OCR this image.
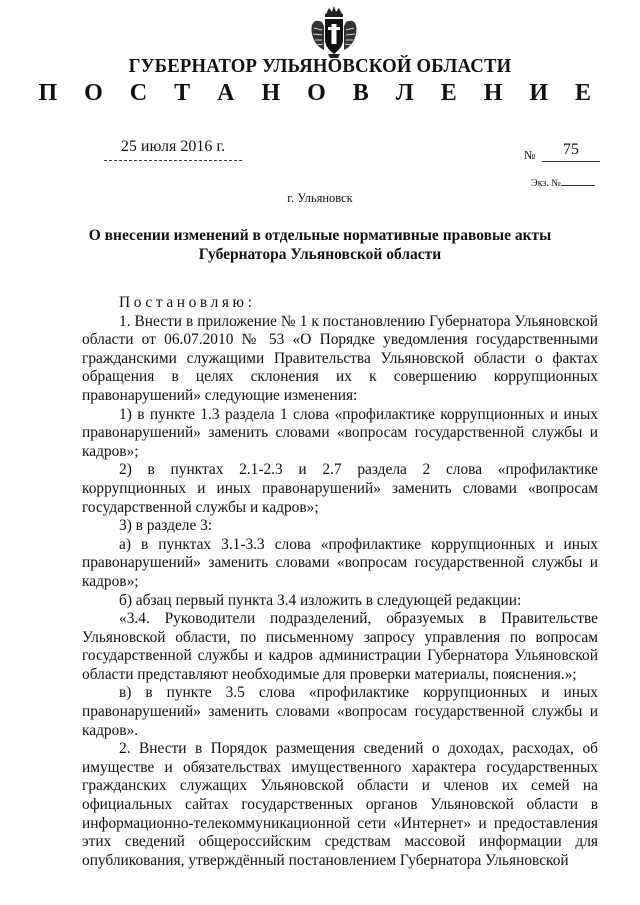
ГУБЕРНАТОР УЛЬЯНОВСКОЙ ОБЛАСТИ
П О С Т А Н О В Л Е Н И Е
25 июля 2016 г.	№	75
Экз. №
г. Ульяновск
О внесении изменений в отдельные нормативные правовые акты
Губернатора Ульяновской области

Постановляю:

1. Внести в приложение № 1 к постановлению Губернатора Ульяновской области от 06.07.2010 № 53 «О Порядке уведомления государственными гражданскими служащими Правительства Ульяновской области о фактах обращения в целях склонения их к совершению коррупционных правонарушений» следующие изменения:

1) в пункте 1.3 раздела 1 слова «профилактике коррупционных и иных правонарушений» заменить словами «вопросам государственной службы и кадров»;

2) в пунктах 2.1-2.3 и 2.7 раздела 2 слова «профилактике коррупционных и иных правонарушений» заменить словами «вопросам государственной службы и кадров»;

3) в разделе 3:

а) в пунктах 3.1-3.3 слова «профилактике коррупционных и иных правонарушений» заменить словами «вопросам государственной службы и кадров»;

б) абзац первый пункта 3.4 изложить в следующей редакции:

«3.4. Руководители подразделений, образуемых в Правительстве Ульяновской области, по письменному запросу управления по вопросам государственной службы и кадров администрации Губернатора Ульяновской области представляют необходимые для проверки материалы, пояснения.»;

в) в пункте 3.5 слова «профилактике коррупционных и иных правонарушений» заменить словами «вопросам государственной службы и кадров».

2. Внести в Порядок размещения сведений о доходах, расходах, об имуществе и обязательствах имущественного характера государственных гражданских служащих Ульяновской области и членов их семей на официальных сайтах государственных органов Ульяновской области в информационно-телекоммуникационной сети «Интернет» и предоставления этих сведений общероссийским средствам массовой информации для опубликования, утверждённый постановлением Губернатора Ульяновской
